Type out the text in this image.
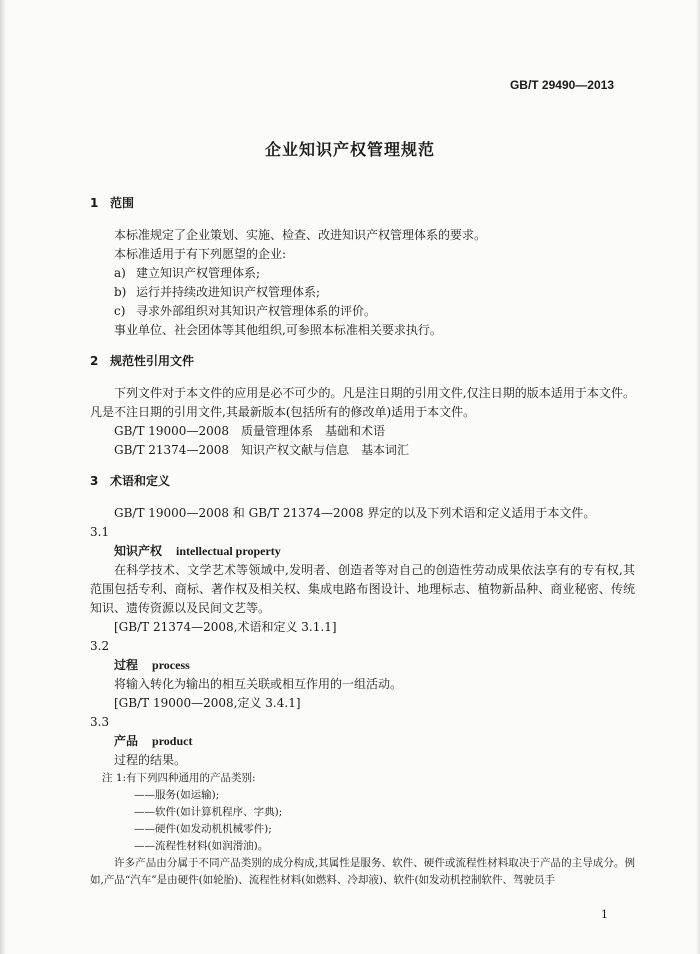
GB/T 29490—2013
企业知识产权管理规范
1 范围

本标准规定了企业策划、实施、检查、改进知识产权管理体系的要求。

本标准适用于有下列愿望的企业:

a) 建立知识产权管理体系;

b) 运行并持续改进知识产权管理体系;

c) 寻求外部组织对其知识产权管理体系的评价。

事业单位、社会团体等其他组织,可参照本标准相关要求执行。

2 规范性引用文件

下列文件对于本文件的应用是必不可少的。凡是注日期的引用文件,仅注日期的版本适用于本文件。凡是不注日期的引用文件,其最新版本(包括所有的修改单)适用于本文件。

GB/T 19000—2008　质量管理体系　基础和术语

GB/T 21374—2008　知识产权文献与信息　基本词汇

3 术语和定义

GB/T 19000—2008 和 GB/T 21374—2008 界定的以及下列术语和定义适用于本文件。

3.1

知识产权 intellectual property

在科学技术、文学艺术等领域中,发明者、创造者等对自己的创造性劳动成果依法享有的专有权,其范围包括专利、商标、著作权及相关权、集成电路布图设计、地理标志、植物新品种、商业秘密、传统知识、遗传资源以及民间文艺等。

[GB/T 21374—2008,术语和定义 3.1.1]

3.2

过程 process

将输入转化为输出的相互关联或相互作用的一组活动。

[GB/T 19000—2008,定义 3.4.1]

3.3

产品 product

过程的结果。

注 1:有下列四种通用的产品类别:

——服务(如运输);

——软件(如计算机程序、字典);

——硬件(如发动机机械零件);

——流程性材料(如润滑油)。

许多产品由分属于不同产品类别的成分构成,其属性是服务、软件、硬件或流程性材料取决于产品的主导成分。例如,产品“汽车”是由硬件(如轮胎)、流程性材料(如燃料、冷却液)、软件(如发动机控制软件、驾驶员手

1
